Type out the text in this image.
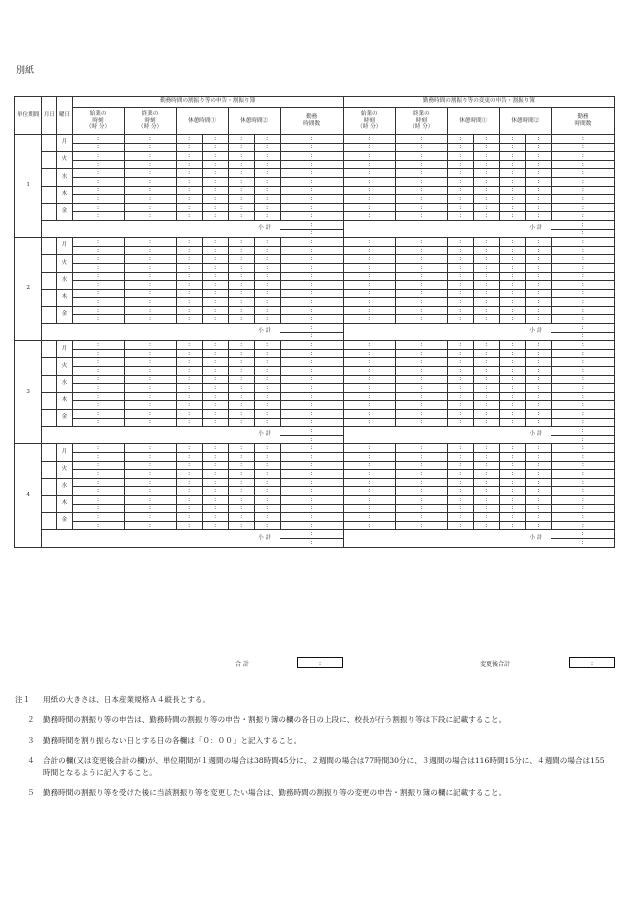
別紙
単位期間	月日	曜日	勤務時間の割振り等の申告・割振り簿							勤務時間の割振り等の変更の申告・割振り簿						
			始業の
時刻
（時 分）	終業の
時刻
（時 分）	休憩時間①		休憩時間②		勤務
時間数	始業の
時刻
（時 分）	終業の
時刻
（時 分）	休憩時間①		休憩時間②		勤務
時間数
1		月	:	:	:	:	:	:	:	:	:	:	:	:	:	:
			:	:	:	:	:	:	:	:	:	:	:	:	:	:
		火	:	:	:	:	:	:	:	:	:	:	:	:	:	:
			:	:	:	:	:	:	:	:	:	:	:	:	:	:
		水	:	:	:	:	:	:	:	:	:	:	:	:	:	:
			:	:	:	:	:	:	:	:	:	:	:	:	:	:
		木	:	:	:	:	:	:	:	:	:	:	:	:	:	:
			:	:	:	:	:	:	:	:	:	:	:	:	:	:
		金	:	:	:	:	:	:	:	:	:	:	:	:	:	:
			:	:	:	:	:	:	:	:	:	:	:	:	:	:
	小 計								:	小 計						:
									:							:
2		月	:	:	:	:	:	:	:	:	:	:	:	:	:	:
			:	:	:	:	:	:	:	:	:	:	:	:	:	:
		火	:	:	:	:	:	:	:	:	:	:	:	:	:	:
			:	:	:	:	:	:	:	:	:	:	:	:	:	:
		水	:	:	:	:	:	:	:	:	:	:	:	:	:	:
			:	:	:	:	:	:	:	:	:	:	:	:	:	:
		木	:	:	:	:	:	:	:	:	:	:	:	:	:	:
			:	:	:	:	:	:	:	:	:	:	:	:	:	:
		金	:	:	:	:	:	:	:	:	:	:	:	:	:	:
			:	:	:	:	:	:	:	:	:	:	:	:	:	:
	小 計								:	小 計						:
									:							:
3		月	:	:	:	:	:	:	:	:	:	:	:	:	:	:
			:	:	:	:	:	:	:	:	:	:	:	:	:	:
		火	:	:	:	:	:	:	:	:	:	:	:	:	:	:
			:	:	:	:	:	:	:	:	:	:	:	:	:	:
		水	:	:	:	:	:	:	:	:	:	:	:	:	:	:
			:	:	:	:	:	:	:	:	:	:	:	:	:	:
		木	:	:	:	:	:	:	:	:	:	:	:	:	:	:
			:	:	:	:	:	:	:	:	:	:	:	:	:	:
		金	:	:	:	:	:	:	:	:	:	:	:	:	:	:
			:	:	:	:	:	:	:	:	:	:	:	:	:	:
	小 計								:	小 計						:
									:							:
4		月	:	:	:	:	:	:	:	:	:	:	:	:	:	:
			:	:	:	:	:	:	:	:	:	:	:	:	:	:
		火	:	:	:	:	:	:	:	:	:	:	:	:	:	:
			:	:	:	:	:	:	:	:	:	:	:	:	:	:
		水	:	:	:	:	:	:	:	:	:	:	:	:	:	:
			:	:	:	:	:	:	:	:	:	:	:	:	:	:
		木	:	:	:	:	:	:	:	:	:	:	:	:	:	:
			:	:	:	:	:	:	:	:	:	:	:	:	:	:
		金	:	:	:	:	:	:	:	:	:	:	:	:	:	:
			:	:	:	:	:	:	:	:	:	:	:	:	:	:
	小 計								:	小 計						:
									:							:
合 計	:	変更後合計	:
注１ 用紙の大きさは、日本産業規格Ａ４縦長とする。
２ 勤務時間の割振り等の申告は、勤務時間の割振り等の申告・割振り簿の欄の各日の上段に、校長が行う割振り等は下段に記載すること。
３ 勤務時間を割り振らない日とする日の各欄は「０：００」と記入すること。
４ 合計の欄(又は変更後合計の欄)が、単位期間が１週間の場合は38時間45分に、２週間の場合は77時間30分に、３週間の場合は116時間15分に、４週間の場合は155時間となるように記入すること。
５ 勤務時間の割振り等を受けた後に当該割振り等を変更したい場合は、勤務時間の割振り等の変更の申告・割振り簿の欄に記載すること。
